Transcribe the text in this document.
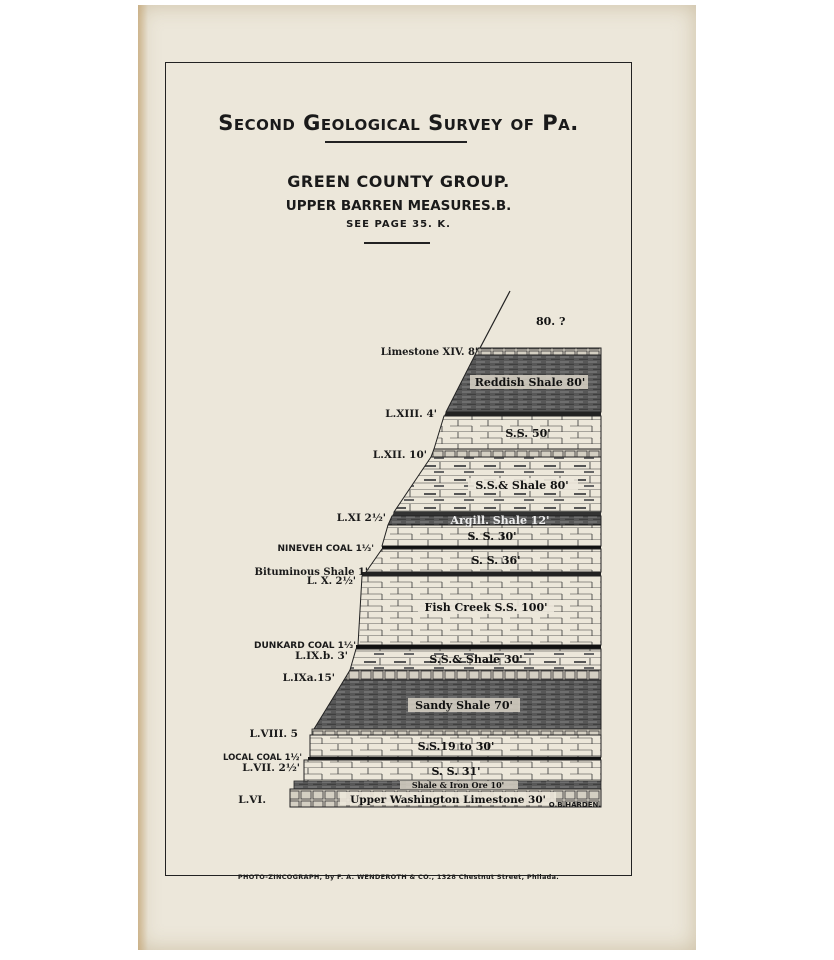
Second Geological Survey of Pa.
GREEN COUNTY GROUP.
UPPER BARREN MEASURES.B.
SEE PAGE 35. K.
80. ?
Reddish Shale 80'
S.S. 50'
S.S.& Shale 80'
Argill. Shale 12'
S. S. 30'
S. S. 36'
Fish Creek S.S. 100'
S.S.& Shale 30'
Sandy Shale 70'
S.S.19 to 30'
S. S. 31'
Shale & Iron Ore 10'
Upper Washington Limestone 30' O.B.HARDEN.
Limestone XIV. 8'
L.XIII. 4'
L.XII. 10'
L.XI 2½'
NINEVEH COAL 1⅓'
Bituminous Shale 1'
L. X. 2½'
DUNKARD COAL 1⅓'
L.IX.b. 3'
L.IXa.15'
L.VIII. 5
LOCAL COAL 1½'
L.VII. 2½'
L.VI.
PHOTO-ZINCOGRAPH, by F. A. WENDEROTH & CO., 1328 Chestnut Street, Philada.
